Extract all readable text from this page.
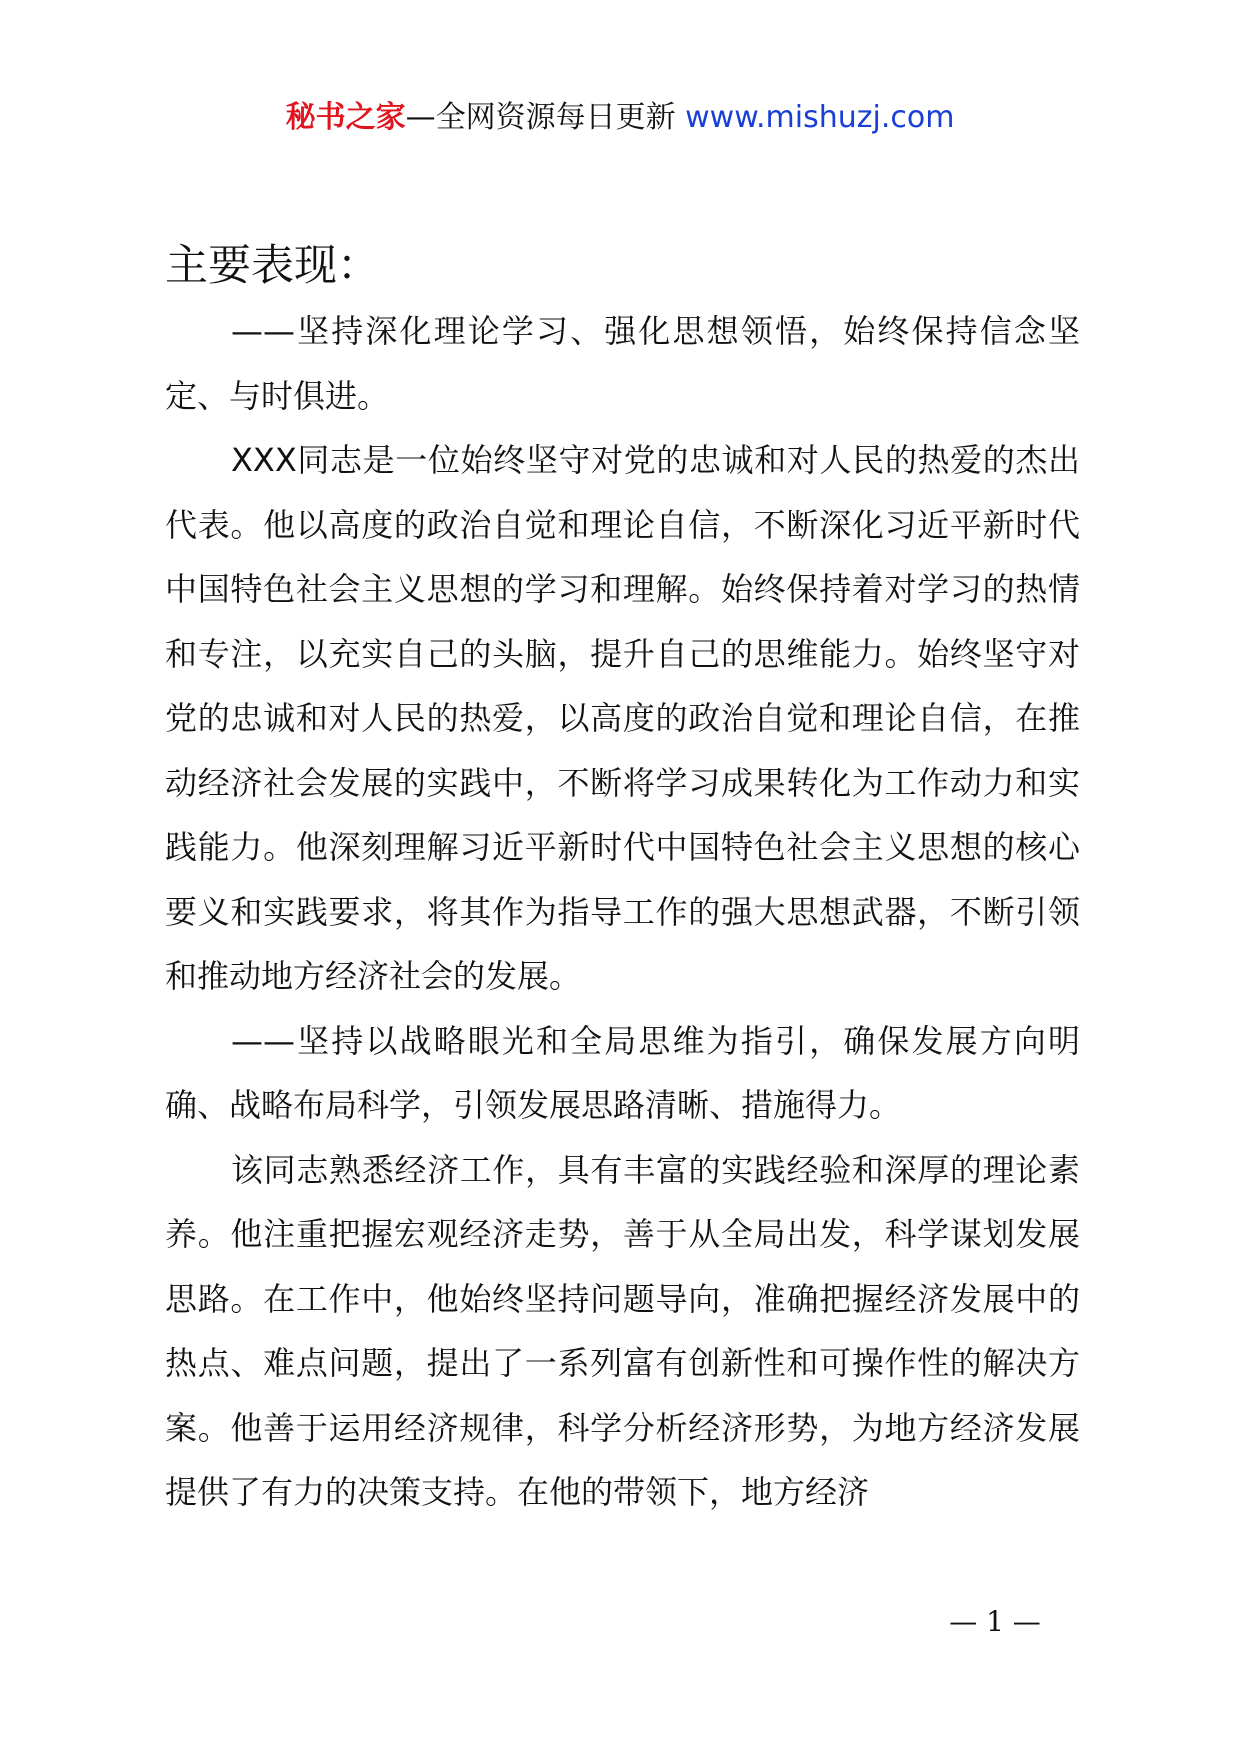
秘书之家—全网资源每日更新 www.mishuzj.com
主要表现：

——坚持深化理论学习、强化思想领悟，始终保持信念坚定、与时俱进。

XXX同志是一位始终坚守对党的忠诚和对人民的热爱的杰出代表。他以高度的政治自觉和理论自信，不断深化习近平新时代中国特色社会主义思想的学习和理解。始终保持着对学习的热情和专注，以充实自己的头脑，提升自己的思维能力。始终坚守对党的忠诚和对人民的热爱，以高度的政治自觉和理论自信，在推动经济社会发展的实践中，不断将学习成果转化为工作动力和实践能力。他深刻理解习近平新时代中国特色社会主义思想的核心要义和实践要求，将其作为指导工作的强大思想武器，不断引领和推动地方经济社会的发展。

——坚持以战略眼光和全局思维为指引，确保发展方向明确、战略布局科学，引领发展思路清晰、措施得力。

该同志熟悉经济工作，具有丰富的实践经验和深厚的理论素养。他注重把握宏观经济走势，善于从全局出发，科学谋划发展思路。在工作中，他始终坚持问题导向，准确把握经济发展中的热点、难点问题，提出了一系列富有创新性和可操作性的解决方案。他善于运用经济规律，科学分析经济形势，为地方经济发展提供了有力的决策支持。在他的带领下，地方经济

— 1 —
